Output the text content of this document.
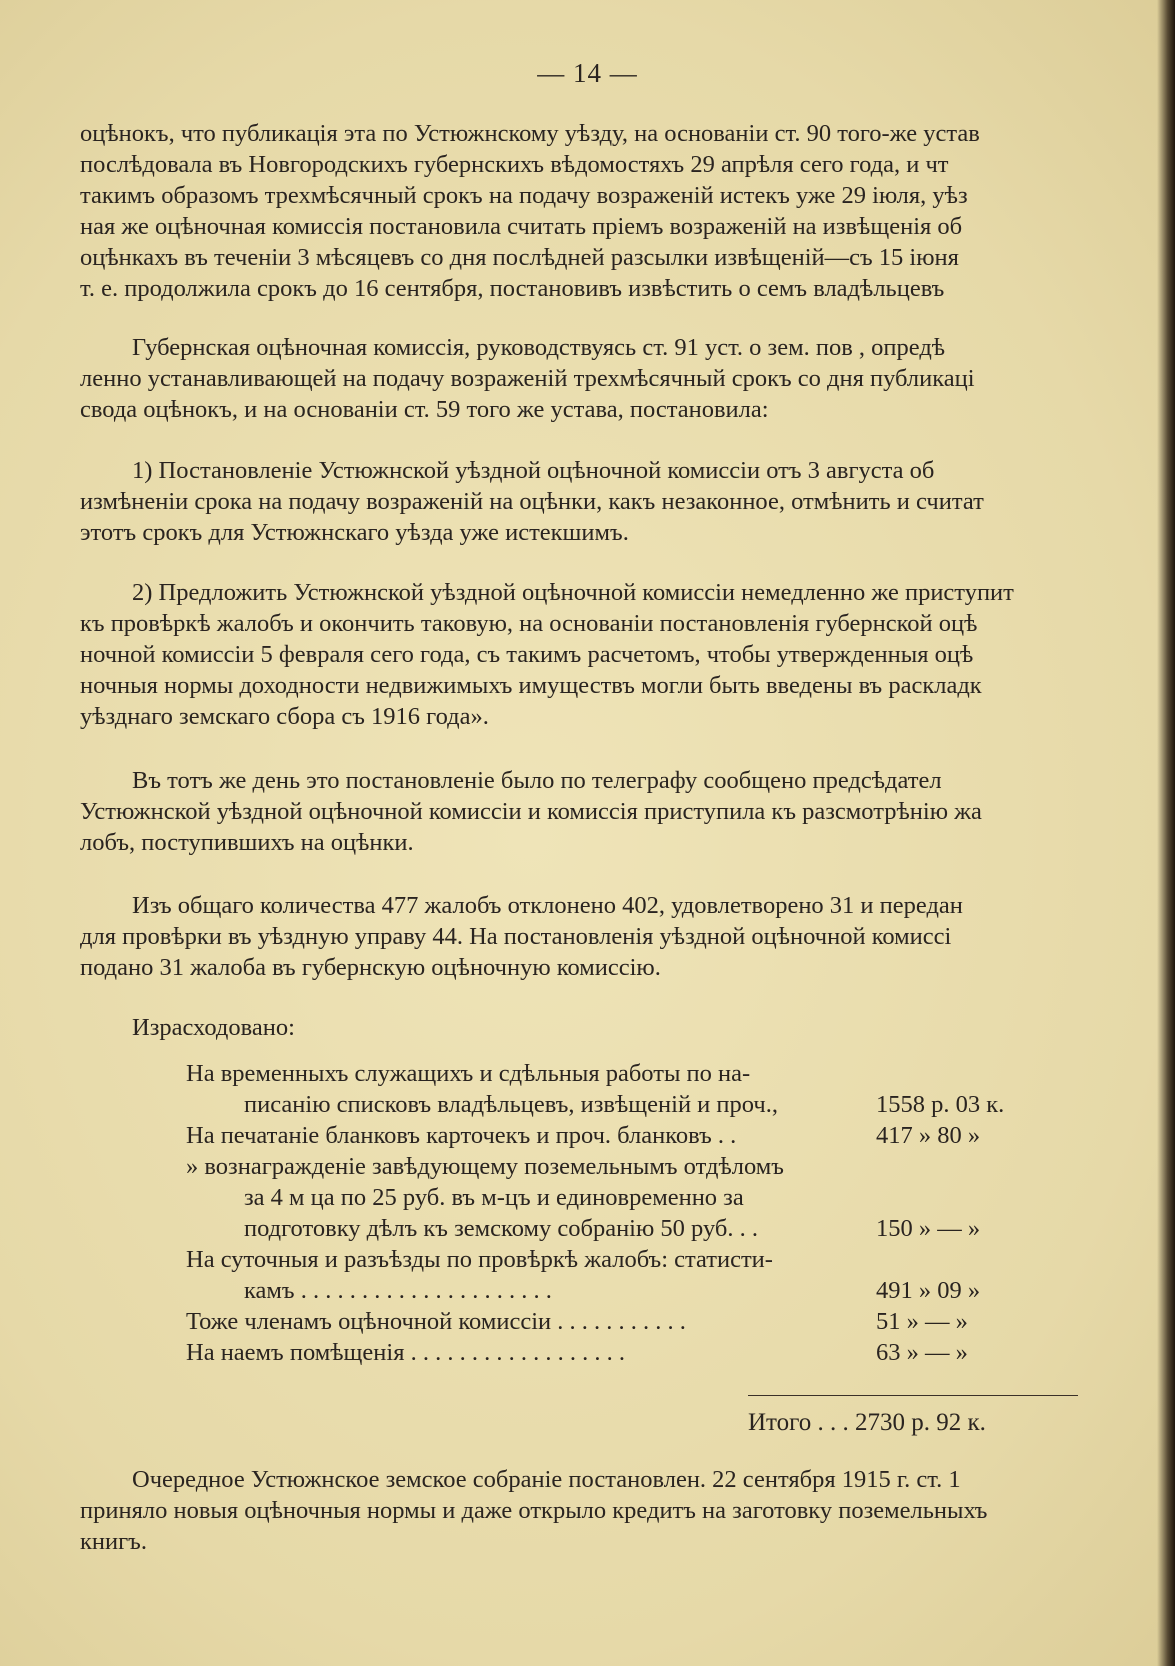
— 14 —
оцѣнокъ, что публикація эта по Устюжнскому уѣзду, на основаніи ст. 90 того-же устав
послѣдовала въ Новгородскихъ губернскихъ вѣдомостяхъ 29 апрѣля сего года, и чт
такимъ образомъ трехмѣсячный срокъ на подачу возраженій истекъ уже 29 іюля, уѣз
ная же оцѣночная комиссія постановила считать пріемъ возраженій на извѣщенія об
оцѣнкахъ въ теченіи 3 мѣсяцевъ со дня послѣдней разсылки извѣщеній—съ 15 іюня
т. е. продолжила срокъ до 16 сентября, постановивъ извѣстить о семъ владѣльцевъ
Губернская оцѣночная комиссія, руководствуясь ст. 91 уст. о зем. пов , опредѣ
ленно устанавливающей на подачу возраженій трехмѣсячный срокъ со дня публикаці
свода оцѣнокъ, и на основаніи ст. 59 того же устава, постановила:
1) Постановленіе Устюжнской уѣздной оцѣночной комиссіи отъ 3 августа об
измѣненіи срока на подачу возраженій на оцѣнки, какъ незаконное, отмѣнить и считат
этотъ срокъ для Устюжнскаго уѣзда уже истекшимъ.
2) Предложить Устюжнской уѣздной оцѣночной комиссіи немедленно же приступит
къ провѣркѣ жалобъ и окончить таковую, на основаніи постановленія губернской оцѣ
ночной комиссіи 5 февраля сего года, съ такимъ расчетомъ, чтобы утвержденныя оцѣ
ночныя нормы доходности недвижимыхъ имуществъ могли быть введены въ раскладк
уѣзднаго земскаго сбора съ 1916 года».
Въ тотъ же день это постановленіе было по телеграфу сообщено предсѣдател
Устюжнской уѣздной оцѣночной комиссіи и комиссія приступила къ разсмотрѣнію жа
лобъ, поступившихъ на оцѣнки.
Изъ общаго количества 477 жалобъ отклонено 402, удовлетворено 31 и передан
для провѣрки въ уѣздную управу 44. На постановленія уѣздной оцѣночной комиссі
подано 31 жалоба въ губернскую оцѣночную комиссію.
Израсходовано:
На временныхъ служащихъ и сдѣльныя работы по на-
писанію списковъ владѣльцевъ, извѣщеній и проч.,	1558 р. 03 к.
На печатаніе бланковъ карточекъ и проч. бланковъ . .	417 » 80 »
» вознагражденіе завѣдующему поземельнымъ отдѣломъ
за 4 м ца по 25 руб. въ м-цъ и единовременно за
подготовку дѣлъ къ земскому собранію 50 руб. . .	150 » — »
На суточныя и разъѣзды по провѣркѣ жалобъ: статисти-
камъ . . . . . . . . . . . . . . . . . . . . .	491 » 09 »
Тоже членамъ оцѣночной комиссіи . . . . . . . . . . .	51 » — »
На наемъ помѣщенія . . . . . . . . . . . . . . . . . .	63 » — »
Итого . . . 2730 р. 92 к.
Очередное Устюжнское земское собраніе постановлен. 22 сентября 1915 г. ст. 1
приняло новыя оцѣночныя нормы и даже открыло кредитъ на заготовку поземельныхъ
книгъ.
